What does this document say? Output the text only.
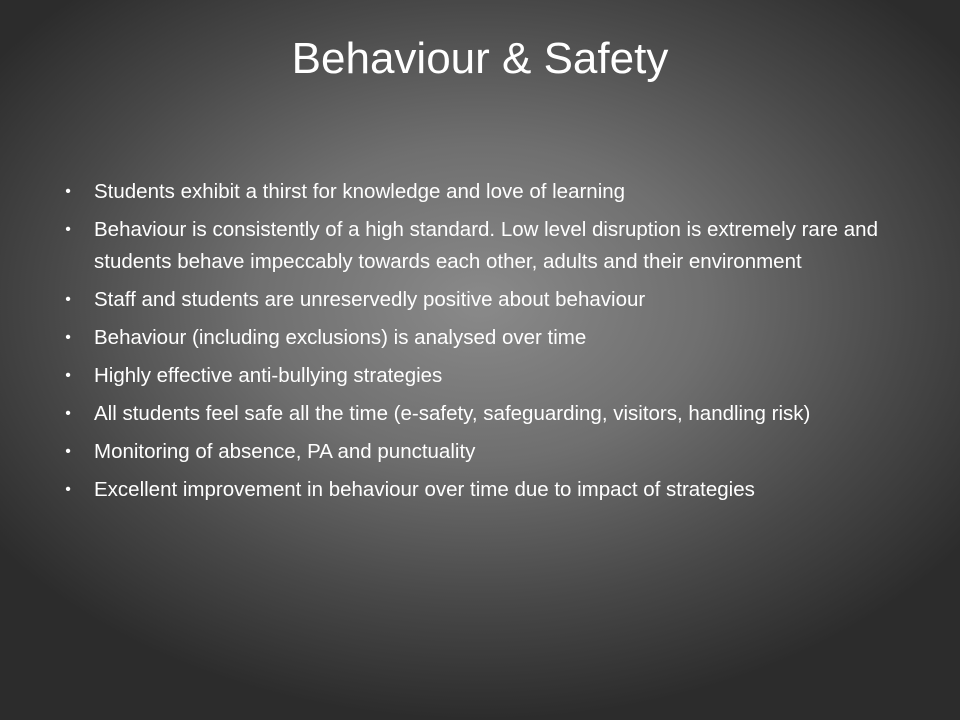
Behaviour & Safety
•	Students exhibit a thirst for knowledge and love of learning
•	Behaviour is consistently of a high standard. Low level disruption is extremely rare and students behave impeccably towards each other, adults and their environment
•	Staff and students are unreservedly positive about behaviour
•	Behaviour (including exclusions) is analysed over time
•	Highly effective anti-bullying strategies
•	All students feel safe all the time (e-safety, safeguarding, visitors, handling risk)
•	Monitoring of absence, PA and punctuality
•	Excellent improvement in behaviour over time due to impact of strategies
